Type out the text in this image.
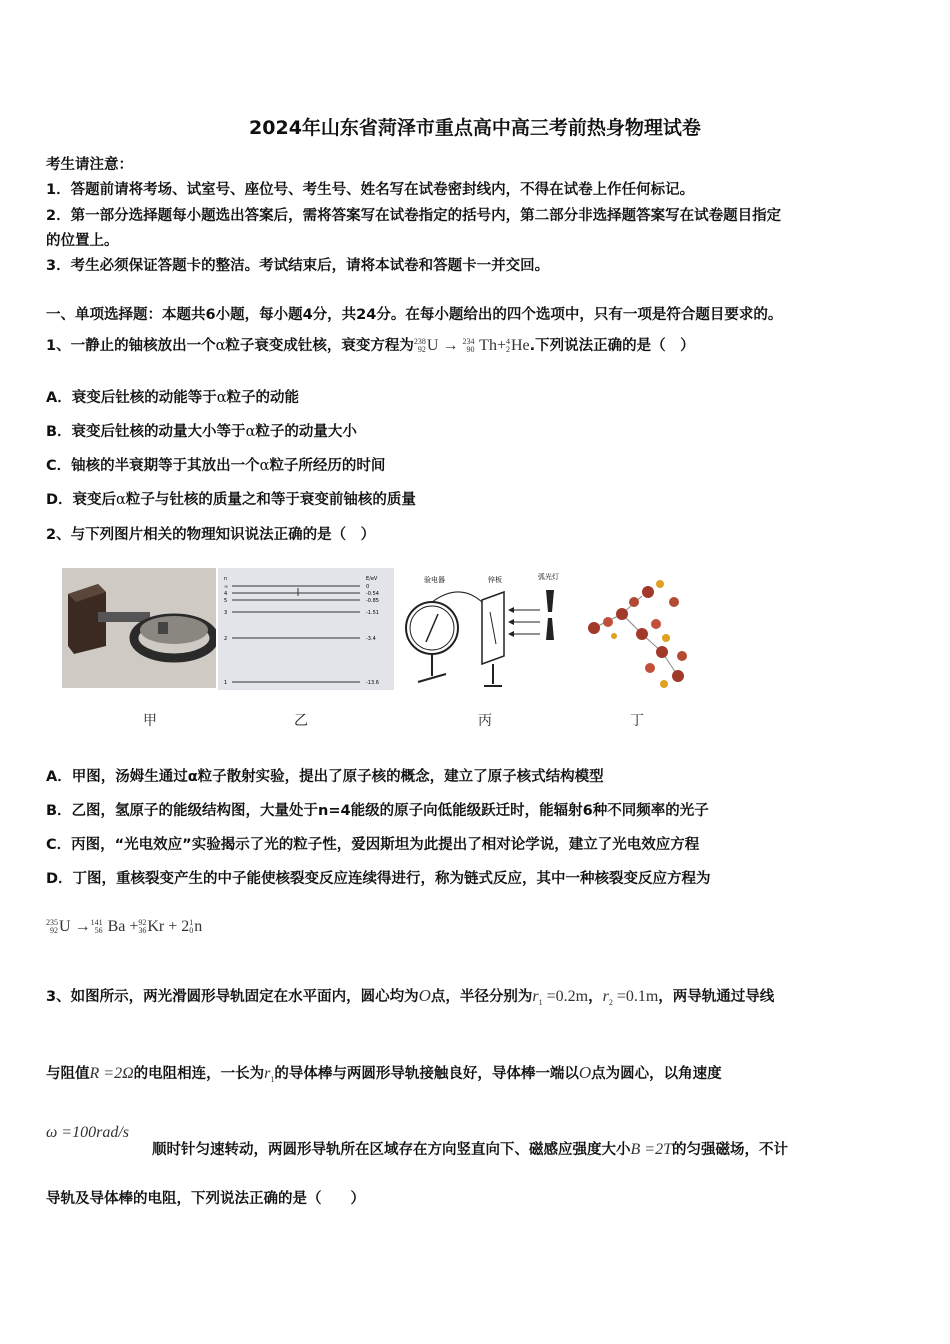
2024年山东省菏泽市重点高中高三考前热身物理试卷
考生请注意：
1．答题前请将考场、试室号、座位号、考生号、姓名写在试卷密封线内，不得在试卷上作任何标记。
2．第一部分选择题每小题选出答案后，需将答案写在试卷指定的括号内，第二部分非选择题答案写在试卷题目指定
的位置上。
3．考生必须保证答题卡的整洁。考试结束后，请将本试卷和答题卡一并交回。
一、单项选择题：本题共6小题，每小题4分，共24分。在每小题给出的四个选项中，只有一项是符合题目要求的。
1、一静止的铀核放出一个α粒子衰变成钍核，衰变方程为238
92U → 234
90 Th+4
2He.下列说法正确的是（　）
A．衰变后钍核的动能等于α粒子的动能
B．衰变后钍核的动量大小等于α粒子的动量大小
C．铀核的半衰期等于其放出一个α粒子所经历的时间
D．衰变后α粒子与钍核的质量之和等于衰变前铀核的质量
2、与下列图片相关的物理知识说法正确的是（　）
n
∞
5
4
3
2
1
E/eV
0
-0.54
-0.85
-1.51
-3.4
-13.6
验电器	锌板	弧光灯
甲	乙	丙	丁
A．甲图，汤姆生通过α粒子散射实验，提出了原子核的概念，建立了原子核式结构模型
B．乙图，氢原子的能级结构图，大量处于n=4能级的原子向低能级跃迁时，能辐射6种不同频率的光子
C．丙图，“光电效应”实验揭示了光的粒子性，爱因斯坦为此提出了相对论学说，建立了光电效应方程
D．丁图，重核裂变产生的中子能使核裂变反应连续得进行，称为链式反应，其中一种核裂变反应方程为
235
92U →141
56 Ba +92
36Kr + 21
0n
3、如图所示，两光滑圆形导轨固定在水平面内，圆心均为O点，半径分别为$r_1 =0.2m$，$r_2 =0.1m$，两导轨通过导线
与阻值R =2Ω的电阻相连，一长为$r_1$的导体棒与两圆形导轨接触良好，导体棒一端以O点为圆心，以角速度
ω =100rad/s
顺时针匀速转动，两圆形导轨所在区域存在方向竖直向下、磁感应强度大小B =2T的匀强磁场，不计
导轨及导体棒的电阻，下列说法正确的是（　　）
